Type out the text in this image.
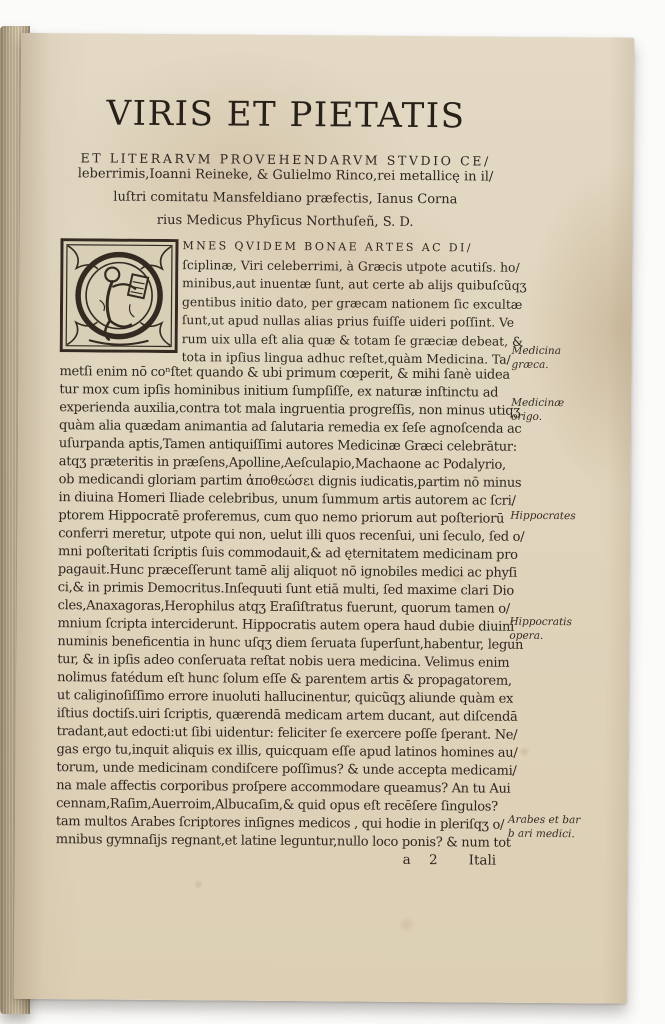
VIRIS ET PIETATIS
ET LITERARVM PROVEHENDARVM STVDIO CE/
leberrimis,Ioanni Reineke, & Gulielmo Rinco,rei metallicę in il/
luſtri comitatu Mansfeldiano præfectis, Ianus Corna
rius Medicus Phyſicus Northuſeñ, S. D.
MNES QVIDEM BONAE ARTES AC DI/
ſciplinæ, Viri celeberrimi, à Græcis utpote acutiſs. ho/
minibus,aut inuentæ ſunt, aut certe ab alijs quibuſcũqʒ
gentibus initio dato, per græcam nationem ſic excultæ
ſunt,ut apud nullas alias prius fuiſſe uideri poſſint. Ve
rum uix ulla eſt alia quæ & totam ſe græciæ debeat, &
tota in ipſius lingua adhuc reſtet,quàm Medicina. Ta/
metſi enim nō coⁿſtet quando & ubi primum cœperit, & mihi ſanè uidea
tur mox cum ipſis hominibus initium ſumpſiſſe, ex naturæ inſtinctu ad
experienda auxilia,contra tot mala ingruentia progreſſis, non minus utiqʒ
quàm alia quædam animantia ad ſalutaria remedia ex ſeſe agnoſcenda ac
uſurpanda aptis,Tamen antiquiſſimi autores Medicinæ Græci celebrātur:
atqʒ præteritis in præſens,Apolline,Aeſculapio,Machaone ac Podalyrio,
ob medicandi gloriam partim ἀποθεώσει dignis iudicatis,partim nō minus
in diuina Homeri Iliade celebribus, unum ſummum artis autorem ac ſcri/
ptorem Hippocratē proferemus, cum quo nemo priorum aut poſteriorū
conferri meretur, utpote qui non, uelut illi quos recenſui, uni ſeculo, ſed o/
mni poſteritati ſcriptis ſuis commodauit,& ad ęternitatem medicinam pro
pagauit.Hunc præceſſerunt tamē alij aliquot nō ignobiles medici ac phyſi
ci,& in primis Democritus.Inſequuti ſunt etiā multi, ſed maxime clari Dio
cles,Anaxagoras,Herophilus atqʒ Eraſiſtratus fuerunt, quorum tamen o/
mnium ſcripta interciderunt. Hippocratis autem opera haud dubie diuini
numinis beneficentia in hunc uſqʒ diem ſeruata ſuperſunt,habentur, legun
tur, & in ipſis adeo conſeruata reſtat nobis uera medicina. Velimus enim
nolimus fatédum eſt hunc ſolum eſſe & parentem artis & propagatorem,
ut caliginoſiſſimo errore inuoluti hallucinentur, quicũqʒ aliunde quàm ex
iſtius doctiſs.uiri ſcriptis, quærendā medicam artem ducant, aut diſcendā
tradant,aut edocti:ut ſibi uidentur: feliciter ſe exercere poſſe ſperant. Ne/
gas ergo tu,inquit aliquis ex illis, quicquam eſſe apud latinos homines au/
torum, unde medicinam condiſcere poſſimus? & unde accepta medicami/
na male affectis corporibus proſpere accommodare queamus? An tu Aui
cennam,Raſim,Auerroim,Albucaſim,& quid opus eſt recēſere ſingulos?
tam multos Arabes ſcriptores inſignes medicos , qui hodie in pleriſqʒ o/
mnibus gymnaſijs regnant,et latine leguntur,nullo loco ponis? & num tot
Medicina
græca.
Medicinæ
origo.
Hippocrates
Hippocratis
opera.
Arabes et bar
b ari medici.
a 2 Itali
